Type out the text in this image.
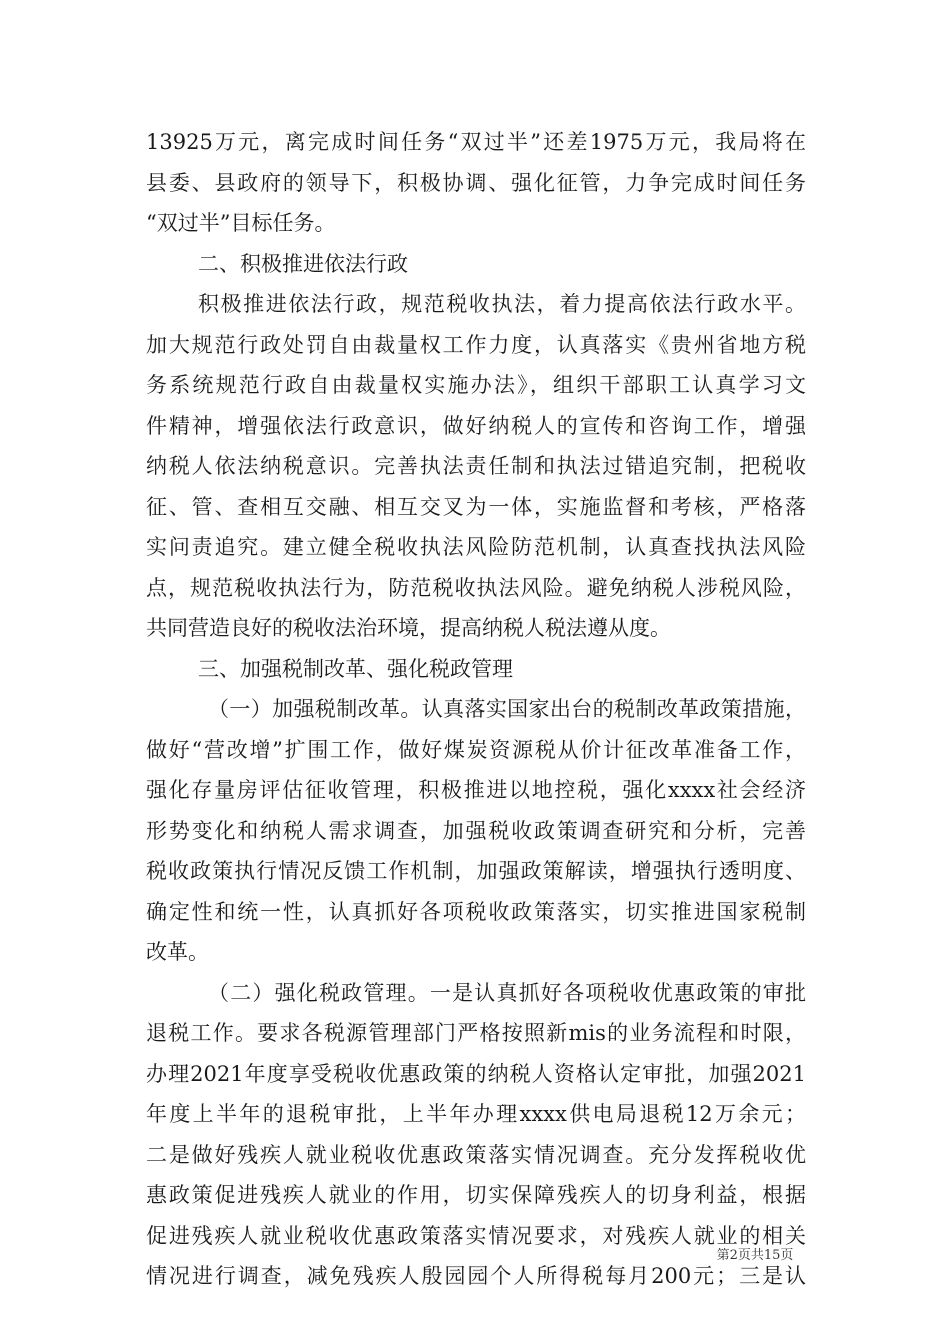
13925万元，离完成时间任务“双过半”还差1975万元，我局将在
县委、县政府的领导下，积极协调、强化征管，力争完成时间任务
“双过半”目标任务。
二、积极推进依法行政
积极推进依法行政，规范税收执法，着力提高依法行政水平。
加大规范行政处罚自由裁量权工作力度，认真落实《贵州省地方税
务系统规范行政自由裁量权实施办法》，组织干部职工认真学习文
件精神，增强依法行政意识，做好纳税人的宣传和咨询工作，增强
纳税人依法纳税意识。完善执法责任制和执法过错追究制，把税收
征、管、查相互交融、相互交叉为一体，实施监督和考核，严格落
实问责追究。建立健全税收执法风险防范机制，认真查找执法风险
点，规范税收执法行为，防范税收执法风险。避免纳税人涉税风险，
共同营造良好的税收法治环境，提高纳税人税法遵从度。
三、加强税制改革、强化税政管理
（一）加强税制改革。认真落实国家出台的税制改革政策措施，
做好“营改增”扩围工作，做好煤炭资源税从价计征改革准备工作，
强化存量房评估征收管理，积极推进以地控税，强化xxxx社会经济
形势变化和纳税人需求调查，加强税收政策调查研究和分析，完善
税收政策执行情况反馈工作机制，加强政策解读，增强执行透明度、
确定性和统一性，认真抓好各项税收政策落实，切实推进国家税制
改革。
（二）强化税政管理。一是认真抓好各项税收优惠政策的审批
退税工作。要求各税源管理部门严格按照新mis的业务流程和时限，
办理2021年度享受税收优惠政策的纳税人资格认定审批，加强2021
年度上半年的退税审批，上半年办理xxxx供电局退税12万余元；
二是做好残疾人就业税收优惠政策落实情况调查。充分发挥税收优
惠政策促进残疾人就业的作用，切实保障残疾人的切身利益，根据
促进残疾人就业税收优惠政策落实情况要求，对残疾人就业的相关
情况进行调查，减免残疾人殷园园个人所得税每月200元；三是认
第2页共15页
